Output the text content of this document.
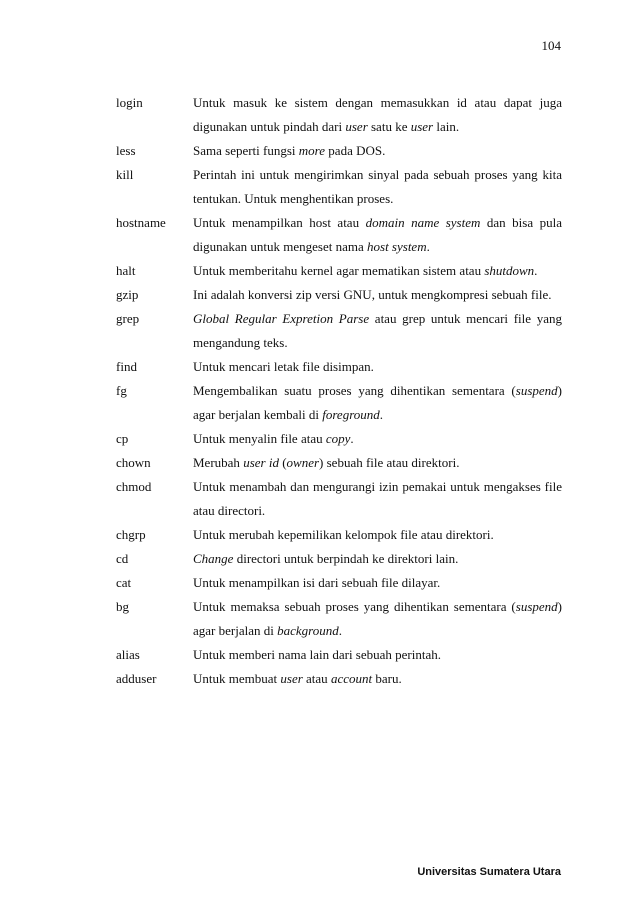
104
login	Untuk masuk ke sistem dengan memasukkan id atau dapat juga
digunakan untuk pindah dari user satu ke user lain.
less	Sama seperti fungsi more pada DOS.
kill	Perintah ini untuk mengirimkan sinyal pada sebuah proses yang kita
tentukan. Untuk menghentikan proses.
hostname	Untuk menampilkan host atau domain name system dan bisa pula
digunakan untuk mengeset nama host system.
halt	Untuk memberitahu kernel agar mematikan sistem atau shutdown.
gzip	Ini adalah konversi zip versi GNU, untuk mengkompresi sebuah file.
grep	Global Regular Expretion Parse atau grep untuk mencari file yang
mengandung teks.
find	Untuk mencari letak file disimpan.
fg	Mengembalikan suatu proses yang dihentikan sementara (suspend)
agar berjalan kembali di foreground.
cp	Untuk menyalin file atau copy.
chown	Merubah user id (owner) sebuah file atau direktori.
chmod	Untuk menambah dan mengurangi izin pemakai untuk mengakses file
atau directori.
chgrp	Untuk merubah kepemilikan kelompok file atau direktori.
cd	Change directori untuk berpindah ke direktori lain.
cat	Untuk menampilkan isi dari sebuah file dilayar.
bg	Untuk memaksa sebuah proses yang dihentikan sementara (suspend)
agar berjalan di background.
alias	Untuk memberi nama lain dari sebuah perintah.
adduser	Untuk membuat user atau account baru.
Universitas Sumatera Utara
